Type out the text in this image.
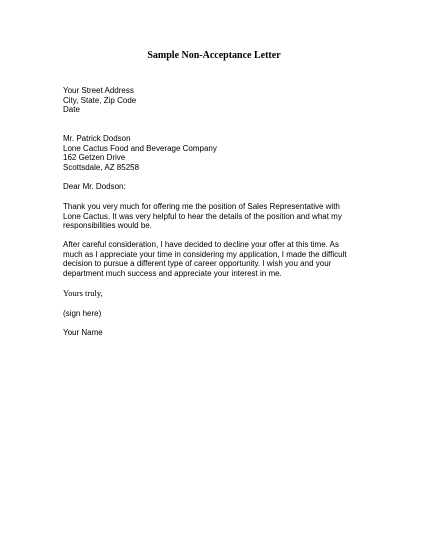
Sample Non-Acceptance Letter
Your Street Address
City, State, Zip Code
Date
Mr. Patrick Dodson
Lone Cactus Food and Beverage Company
162 Getzen Drive
Scottsdale, AZ 85258
Dear Mr. Dodson:
Thank you very much for offering me the position of Sales Representative with
Lone Cactus. It was very helpful to hear the details of the position and what my
responsibilities would be.
After careful consideration, I have decided to decline your offer at this time. As
much as I appreciate your time in considering my application, I made the difficult
decision to pursue a different type of career opportunity. I wish you and your
department much success and appreciate your interest in me.
Yours truly,
(sign here)
Your Name
